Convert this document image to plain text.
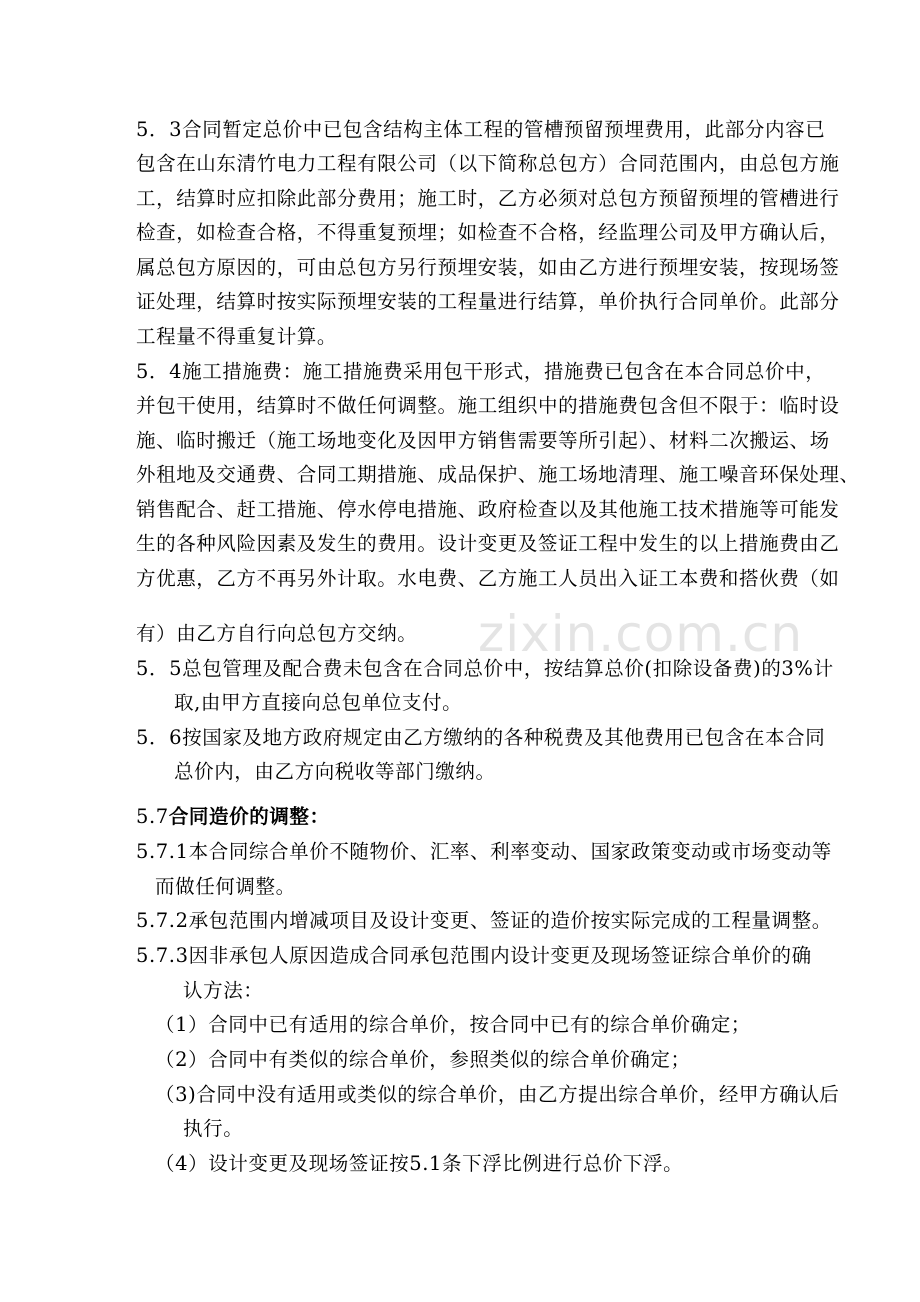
5．3合同暂定总价中已包含结构主体工程的管槽预留预埋费用，此部分内容已
包含在山东清竹电力工程有限公司（以下简称总包方）合同范围内，由总包方施
工，结算时应扣除此部分费用；施工时，乙方必须对总包方预留预埋的管槽进行
检查，如检查合格，不得重复预埋；如检查不合格，经监理公司及甲方确认后，
属总包方原因的，可由总包方另行预埋安装，如由乙方进行预埋安装，按现场签
证处理，结算时按实际预埋安装的工程量进行结算，单价执行合同单价。此部分
工程量不得重复计算。
5．4施工措施费：施工措施费采用包干形式，措施费已包含在本合同总价中，
并包干使用，结算时不做任何调整。施工组织中的措施费包含但不限于：临时设
施、临时搬迁（施工场地变化及因甲方销售需要等所引起）、材料二次搬运、场
外租地及交通费、合同工期措施、成品保护、施工场地清理、施工噪音环保处理、
销售配合、赶工措施、停水停电措施、政府检查以及其他施工技术措施等可能发
生的各种风险因素及发生的费用。设计变更及签证工程中发生的以上措施费由乙
方优惠，乙方不再另外计取。水电费、乙方施工人员出入证工本费和搭伙费（如
有）由乙方自行向总包方交纳。
5．5总包管理及配合费未包含在合同总价中，按结算总价(扣除设备费)的3%计
取,由甲方直接向总包单位支付。
5．6按国家及地方政府规定由乙方缴纳的各种税费及其他费用已包含在本合同
总价内，由乙方向税收等部门缴纳。
5.7合同造价的调整：
5.7.1本合同综合单价不随物价、汇率、利率变动、国家政策变动或市场变动等
而做任何调整。
5.7.2承包范围内增减项目及设计变更、签证的造价按实际完成的工程量调整。
5.7.3因非承包人原因造成合同承包范围内设计变更及现场签证综合单价的确
认方法：
（1）合同中已有适用的综合单价，按合同中已有的综合单价确定；
（2）合同中有类似的综合单价，参照类似的综合单价确定；
（3)合同中没有适用或类似的综合单价，由乙方提出综合单价，经甲方确认后
执行。
（4）设计变更及现场签证按5.1条下浮比例进行总价下浮。
zixin.com.cn
